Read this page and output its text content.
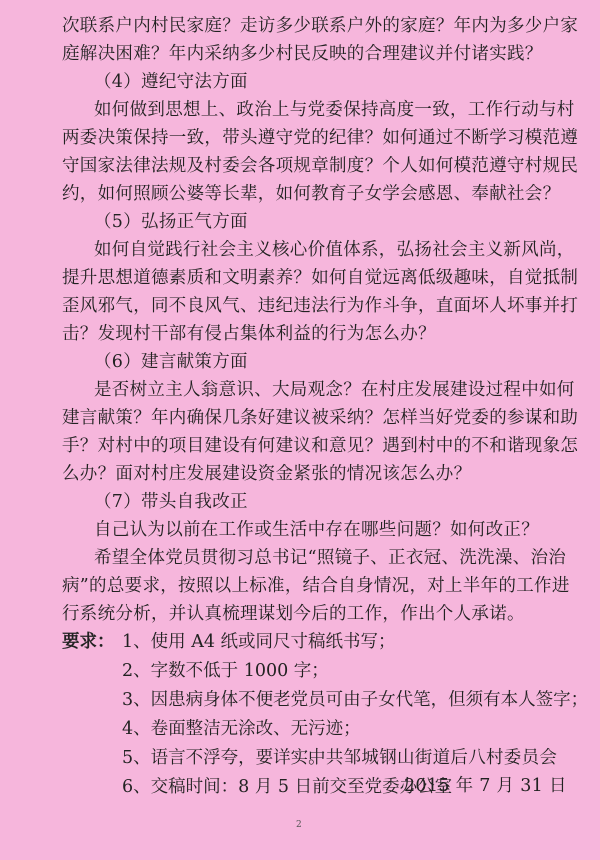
次联系户内村民家庭？走访多少联系户外的家庭？年内为多少户家
庭解决困难？年内采纳多少村民反映的合理建议并付诸实践？
（4）遵纪守法方面
如何做到思想上、政治上与党委保持高度一致，工作行动与村
两委决策保持一致，带头遵守党的纪律？如何通过不断学习模范遵
守国家法律法规及村委会各项规章制度？个人如何模范遵守村规民
约，如何照顾公婆等长辈，如何教育子女学会感恩、奉献社会？
（5）弘扬正气方面
如何自觉践行社会主义核心价值体系，弘扬社会主义新风尚，
提升思想道德素质和文明素养？如何自觉远离低级趣味，自觉抵制
歪风邪气，同不良风气、违纪违法行为作斗争，直面坏人坏事并打
击？发现村干部有侵占集体利益的行为怎么办？
（6）建言献策方面
是否树立主人翁意识、大局观念？在村庄发展建设过程中如何
建言献策？年内确保几条好建议被采纳？怎样当好党委的参谋和助
手？对村中的项目建设有何建议和意见？遇到村中的不和谐现象怎
么办？面对村庄发展建设资金紧张的情况该怎么办？
（7）带头自我改正
自己认为以前在工作或生活中存在哪些问题？如何改正？
希望全体党员贯彻习总书记“照镜子、正衣冠、洗洗澡、治治
病”的总要求，按照以上标准，结合自身情况，对上半年的工作进
行系统分析，并认真梳理谋划今后的工作，作出个人承诺。
要求： 1、使用 A4 纸或同尺寸稿纸书写；
2、字数不低于 1000 字；
3、因患病身体不便老党员可由子女代笔，但须有本人签字；
4、卷面整洁无涂改、无污迹；
5、语言不浮夸，要详实。
6、交稿时间：8 月 5 日前交至党委办公室
中共邹城钢山街道后八村委员会
2015 年 7 月 31 日
2
